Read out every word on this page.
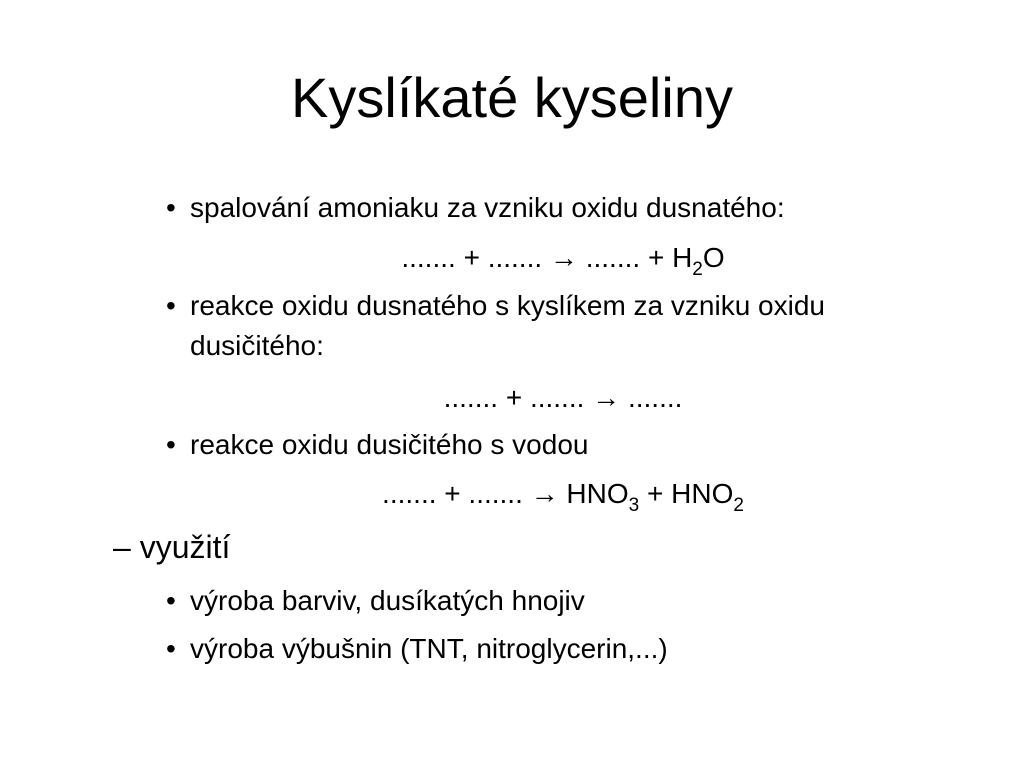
Kyslíkaté kyseliny
• spalování amoniaku za vzniku oxidu dusnatého:
....... + ....... → ....... + $H_2O$
• reakce oxidu dusnatého s kyslíkem za vzniku oxidu dusičitého:
....... + ....... → .......
• reakce oxidu dusičitého s vodou
....... + ....... → $HNO_3 + HNO_2$
– využití
• výroba barviv, dusíkatých hnojiv
• výroba výbušnin (TNT, nitroglycerin,...)
